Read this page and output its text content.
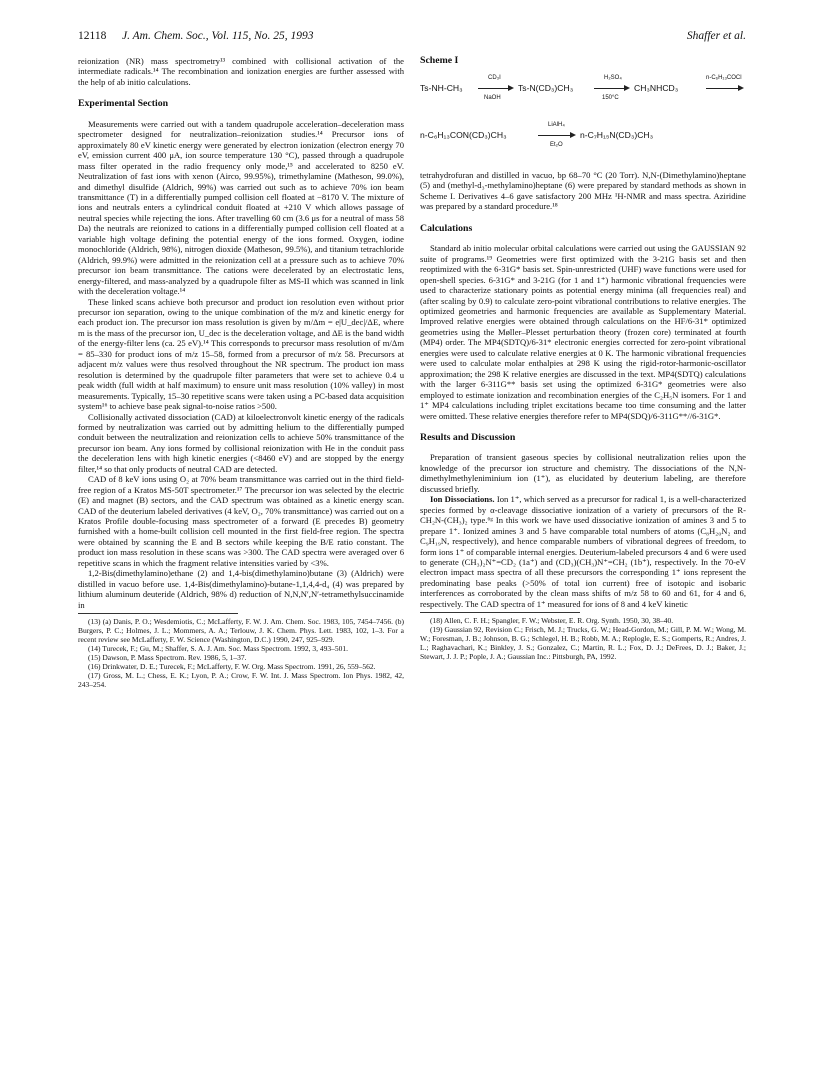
12118 J. Am. Chem. Soc., Vol. 115, No. 25, 1993	Shaffer et al.

reionization (NR) mass spectrometry¹³ combined with collisional activation of the intermediate radicals.¹⁴ The recombination and ionization energies are further assessed with the help of ab initio calculations.

Experimental Section

Measurements were carried out with a tandem quadrupole acceleration–deceleration mass spectrometer designed for neutralization–reionization studies.¹⁴ Precursor ions of approximately 80 eV kinetic energy were generated by electron ionization (electron energy 70 eV, emission current 400 μA, ion source temperature 130 °C), passed through a quadrupole mass filter operated in the radio frequency only mode,¹⁵ and accelerated to 8250 eV. Neutralization of fast ions with xenon (Airco, 99.95%), trimethylamine (Matheson, 99.0%), and dimethyl disulfide (Aldrich, 99%) was carried out such as to achieve 70% ion beam transmittance (T) in a differentially pumped collision cell floated at −8170 V. The mixture of ions and neutrals enters a cylindrical conduit floated at +210 V which allows passage of neutral species while rejecting the ions. After travelling 60 cm (3.6 μs for a neutral of mass 58 Da) the neutrals are reionized to cations in a differentially pumped collision cell floated at a variable high voltage defining the potential energy of the ions formed. Oxygen, iodine monochloride (Aldrich, 98%), nitrogen dioxide (Matheson, 99.5%), and titanium tetrachloride (Aldrich, 99.9%) were admitted in the reionization cell at a pressure such as to achieve 70% precursor ion beam transmittance. The cations were decelerated by an electrostatic lens, energy-filtered, and mass-analyzed by a quadrupole filter as MS-II which was scanned in link with the deceleration voltage.¹⁴

These linked scans achieve both precursor and product ion resolution even without prior precursor ion separation, owing to the unique combination of the m/z and kinetic energy for each product ion. The precursor ion mass resolution is given by m/Δm = e|U_dec|/ΔE, where m is the mass of the precursor ion, U_dec is the deceleration voltage, and ΔE is the band width of the energy-filter lens (ca. 25 eV).¹⁴ This corresponds to precursor mass resolution of m/Δm = 85–330 for product ions of m/z 15–58, formed from a precursor of m/z 58. Precursors at adjacent m/z values were thus resolved throughout the NR spectrum. The product ion mass resolution is determined by the quadrupole filter parameters that were set to achieve 0.4 u peak width (full width at half maximum) to ensure unit mass resolution (10% valley) in most measurements. Typically, 15–30 repetitive scans were taken using a PC-based data acquisition system¹⁶ to achieve base peak signal-to-noise ratios >500.

Collisionally activated dissociation (CAD) at kiloelectronvolt kinetic energy of the radicals formed by neutralization was carried out by admitting helium to the differentially pumped conduit between the neutralization and reionization cells to achieve 50% transmittance of the precursor ion beam. Any ions formed by collisional reionization with He in the conduit pass the deceleration lens with high kinetic energies (<8460 eV) and are stopped by the energy filter,¹⁴ so that only products of neutral CAD are detected.

CAD of 8 keV ions using O₂ at 70% beam transmittance was carried out in the third field-free region of a Kratos MS-50T spectrometer.¹⁷ The precursor ion was selected by the electric (E) and magnet (B) sectors, and the CAD spectrum was obtained as a kinetic energy scan. CAD of the deuterium labeled derivatives (4 keV, O₂, 70% transmittance) was carried out on a Kratos Profile double-focusing mass spectrometer of a forward (E precedes B) geometry furnished with a home-built collision cell mounted in the first field-free region. The spectra were obtained by scanning the E and B sectors while keeping the B/E ratio constant. The product ion mass resolution in these scans was >300. The CAD spectra were averaged over 6 repetitive scans in which the fragment relative intensities varied by <3%.

1,2-Bis(dimethylamino)ethane (2) and 1,4-bis(dimethylamino)butane (3) (Aldrich) were distilled in vacuo before use. 1,4-Bis(dimethylamino)-butane-1,1,4,4-d₄ (4) was prepared by lithium aluminum deuteride (Aldrich, 98% d) reduction of N,N,N′,N′-tetramethylsuccinamide in

(13) (a) Danis, P. O.; Wesdemiotis, C.; McLafferty, F. W. J. Am. Chem. Soc. 1983, 105, 7454–7456. (b) Burgers, P. C.; Holmes, J. L.; Mommers, A. A.; Terlouw, J. K. Chem. Phys. Lett. 1983, 102, 1–3. For a recent review see McLafferty, F. W. Science (Washington, D.C.) 1990, 247, 925–929.
(14) Turecek, F.; Gu, M.; Shaffer, S. A. J. Am. Soc. Mass Spectrom. 1992, 3, 493–501.
(15) Dawson, P. Mass Spectrom. Rev. 1986, 5, 1–37.
(16) Drinkwater, D. E.; Turecek, F.; McLafferty, F. W. Org. Mass Spectrom. 1991, 26, 559–562.
(17) Gross, M. L.; Chess, E. K.; Lyon, P. A.; Crow, F. W. Int. J. Mass Spectrom. Ion Phys. 1982, 42, 243–254.
Scheme I
Ts-NH-CH₃
CD₃I
NaOH
Ts-N(CD₃)CH₃
H₂SO₄
150°C
CH₃NHCD₃
n-C₆H₁₃COCl
n-C₆H₁₃CON(CD₃)CH₃
LiAlH₄
Et₂O
n-C₇H₁₅N(CD₃)CH₃

tetrahydrofuran and distilled in vacuo, bp 68–70 °C (20 Torr). N,N-(Dimethylamino)heptane (5) and (methyl-d₃-methylamino)heptane (6) were prepared by standard methods as shown in Scheme I. Derivatives 4–6 gave satisfactory 200 MHz ¹H-NMR and mass spectra. Aziridine was prepared by a standard procedure.¹⁸

Calculations

Standard ab initio molecular orbital calculations were carried out using the GAUSSIAN 92 suite of programs.¹⁹ Geometries were first optimized with the 3-21G basis set and then reoptimized with the 6-31G* basis set. Spin-unrestricted (UHF) wave functions were used for open-shell species. 6-31G* and 3-21G (for 1 and 1⁺) harmonic vibrational frequencies were used to characterize stationary points as potential energy minima (all frequencies real) and (after scaling by 0.9) to calculate zero-point vibrational contributions to relative energies. The optimized geometries and harmonic frequencies are available as Supplementary Material. Improved relative energies were obtained through calculations on the HF/6-31* optimized geometries using the Møller–Plesset perturbation theory (frozen core) terminated at fourth (MP4) order. The MP4(SDTQ)/6-31* electronic energies corrected for zero-point vibrational energies were used to calculate relative energies at 0 K. The harmonic vibrational frequencies were used to calculate molar enthalpies at 298 K using the rigid-rotor-harmonic-oscillator approximation; the 298 K relative energies are discussed in the text. MP4(SDTQ) calculations with the larger 6-311G** basis set using the optimized 6-31G* geometries were also employed to estimate ionization and recombination energies of the C₂H₅N isomers. For 1 and 1⁺ MP4 calculations including triplet excitations became too time consuming and the latter were omitted. These relative energies therefore refer to MP4(SDQ)/6-311G**//6-31G*.

Results and Discussion

Preparation of transient gaseous species by collisional neutralization relies upon the knowledge of the precursor ion structure and chemistry. The dissociations of the N,N-dimethylmethyleniminium ion (1⁺), as elucidated by deuterium labeling, are therefore discussed briefly.

Ion Dissociations. Ion 1⁺, which served as a precursor for radical 1, is a well-characterized species formed by α-cleavage dissociative ionization of a variety of precursors of the R-CH₂N-(CH₃)₂ type.⁶ᵍ In this work we have used dissociative ionization of amines 3 and 5 to prepare 1⁺. Ionized amines 3 and 5 have comparable total numbers of atoms (C₈H₂₀N₂ and C₉H₁₉N, respectively), and hence comparable numbers of vibrational degrees of freedom, to form ions 1⁺ of comparable internal energies. Deuterium-labeled precursors 4 and 6 were used to generate (CH₃)₂N⁺=CD₂ (1a⁺) and (CD₃)(CH₃)N⁺=CH₂ (1b⁺), respectively. In the 70-eV electron impact mass spectra of all these precursors the corresponding 1⁺ ions represent the predominating base peaks (>50% of total ion current) free of isotopic and isobaric interferences as corroborated by the clean mass shifts of m/z 58 to 60 and 61, for 4 and 6, respectively. The CAD spectra of 1⁺ measured for ions of 8 and 4 keV kinetic

(18) Allen, C. F. H.; Spangler, F. W.; Webster, E. R. Org. Synth. 1950, 30, 38–40.
(19) Gaussian 92, Revision C.; Frisch, M. J.; Trucks, G. W.; Head-Gordon, M.; Gill, P. M. W.; Wong, M. W.; Foresman, J. B.; Johnson, B. G.; Schlegel, H. B.; Robb, M. A.; Replogle, E. S.; Gomperts, R.; Andres, J. L.; Raghavachari, K.; Binkley, J. S.; Gonzalez, C.; Martin, R. L.; Fox, D. J.; DeFrees, D. J.; Baker, J.; Stewart, J. J. P.; Pople, J. A.; Gaussian Inc.: Pittsburgh, PA, 1992.
